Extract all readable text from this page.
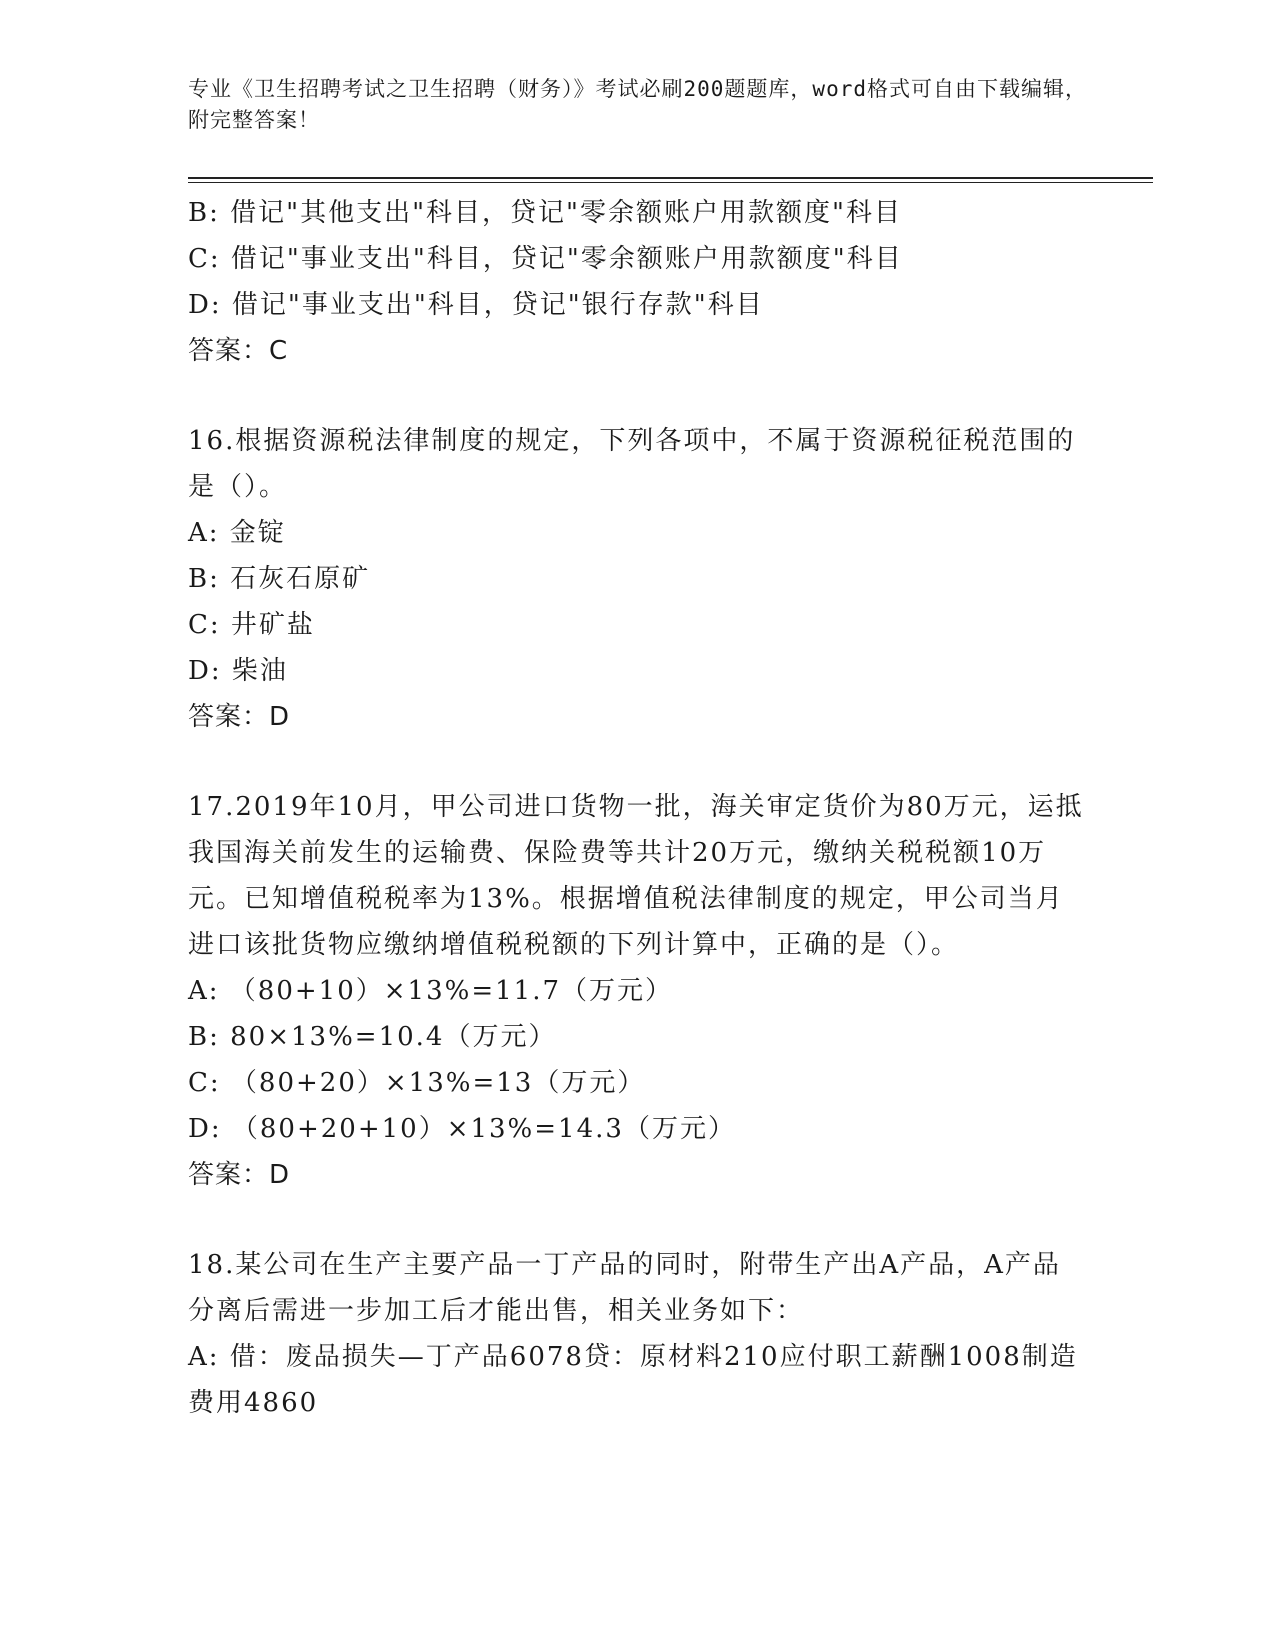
专业《卫生招聘考试之卫生招聘（财务）》考试必刷200题题库，word格式可自由下载编辑，附完整答案！
B: 借记"其他支出"科目，贷记"零余额账户用款额度"科目
C: 借记"事业支出"科目，贷记"零余额账户用款额度"科目
D: 借记"事业支出"科目，贷记"银行存款"科目
答案：C
16.根据资源税法律制度的规定，下列各项中，不属于资源税征税范围的是（）。
A: 金锭
B: 石灰石原矿
C: 井矿盐
D: 柴油
答案：D
17.2019年10月，甲公司进口货物一批，海关审定货价为80万元，运抵我国海关前发生的运输费、保险费等共计20万元，缴纳关税税额10万元。已知增值税税率为13%。根据增值税法律制度的规定，甲公司当月进口该批货物应缴纳增值税税额的下列计算中，正确的是（）。
A: （80+10）×13%=11.7（万元）
B: 80×13%=10.4（万元）
C: （80+20）×13%=13（万元）
D: （80+20+10）×13%=14.3（万元）
答案：D
18.某公司在生产主要产品一丁产品的同时，附带生产出A产品，A产品分离后需进一步加工后才能出售，相关业务如下：
A: 借：废品损失—丁产品6078贷：原材料210应付职工薪酬1008制造费用4860
